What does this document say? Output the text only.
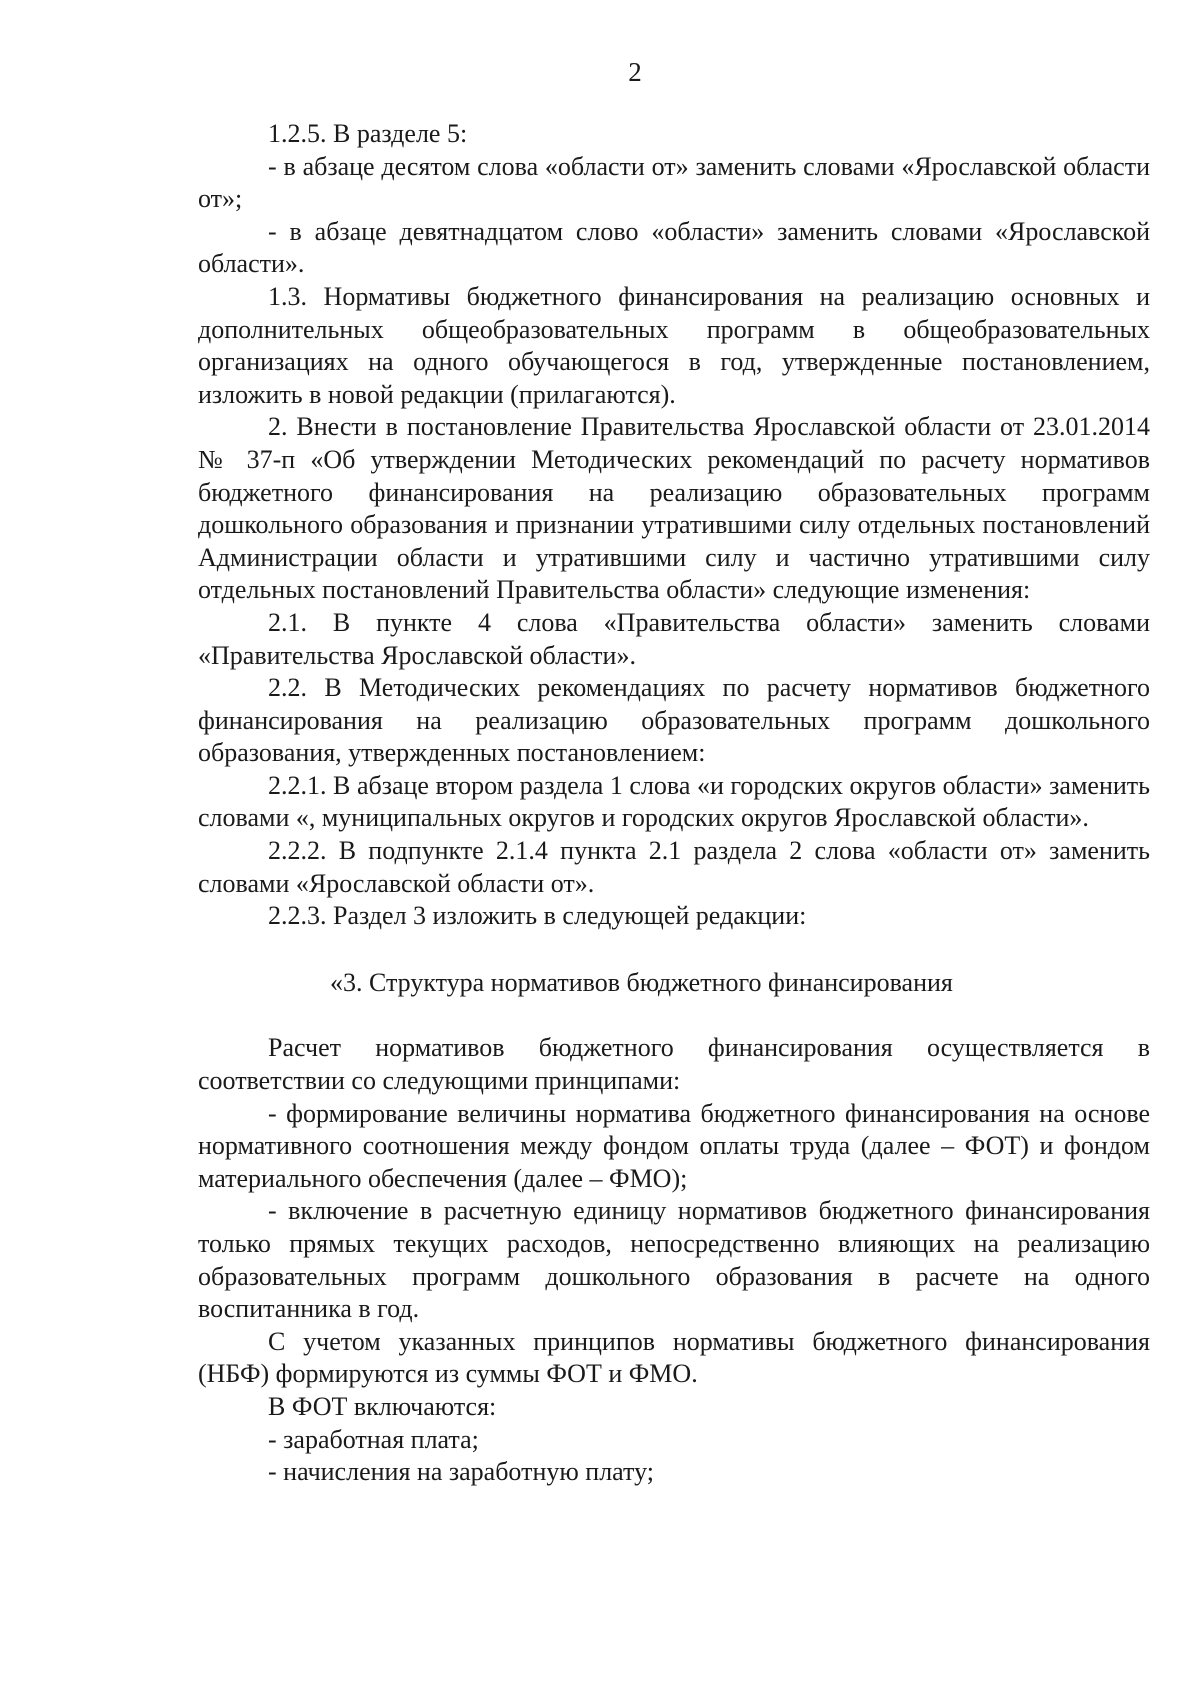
2

1.2.5. В разделе 5:

- в абзаце десятом слова «области от» заменить словами «Ярославской области от»;

- в абзаце девятнадцатом слово «области» заменить словами «Ярославской области».

1.3. Нормативы бюджетного финансирования на реализацию основных и дополнительных общеобразовательных программ в общеобразовательных организациях на одного обучающегося в год, утвержденные постановлением, изложить в новой редакции (прилагаются).

2. Внести в постановление Правительства Ярославской области от 23.01.2014 № 37-п «Об утверждении Методических рекомендаций по расчету нормативов бюджетного финансирования на реализацию образовательных программ дошкольного образования и признании утратившими силу отдельных постановлений Администрации области и утратившими силу и частично утратившими силу отдельных постановлений Правительства области» следующие изменения:

2.1. В пункте 4 слова «Правительства области» заменить словами «Правительства Ярославской области».

2.2. В Методических рекомендациях по расчету нормативов бюджетного финансирования на реализацию образовательных программ дошкольного образования, утвержденных постановлением:

2.2.1. В абзаце втором раздела 1 слова «и городских округов области» заменить словами «, муниципальных округов и городских округов Ярославской области».

2.2.2. В подпункте 2.1.4 пункта 2.1 раздела 2 слова «области от» заменить словами «Ярославской области от».

2.2.3. Раздел 3 изложить в следующей редакции:

«3. Структура нормативов бюджетного финансирования

Расчет нормативов бюджетного финансирования осуществляется в соответствии со следующими принципами:

- формирование величины норматива бюджетного финансирования на основе нормативного соотношения между фондом оплаты труда (далее – ФОТ) и фондом материального обеспечения (далее – ФМО);

- включение в расчетную единицу нормативов бюджетного финансирования только прямых текущих расходов, непосредственно влияющих на реализацию образовательных программ дошкольного образования в расчете на одного воспитанника в год.

С учетом указанных принципов нормативы бюджетного финансирования (НБФ) формируются из суммы ФОТ и ФМО.

В ФОТ включаются:

- заработная плата;

- начисления на заработную плату;
